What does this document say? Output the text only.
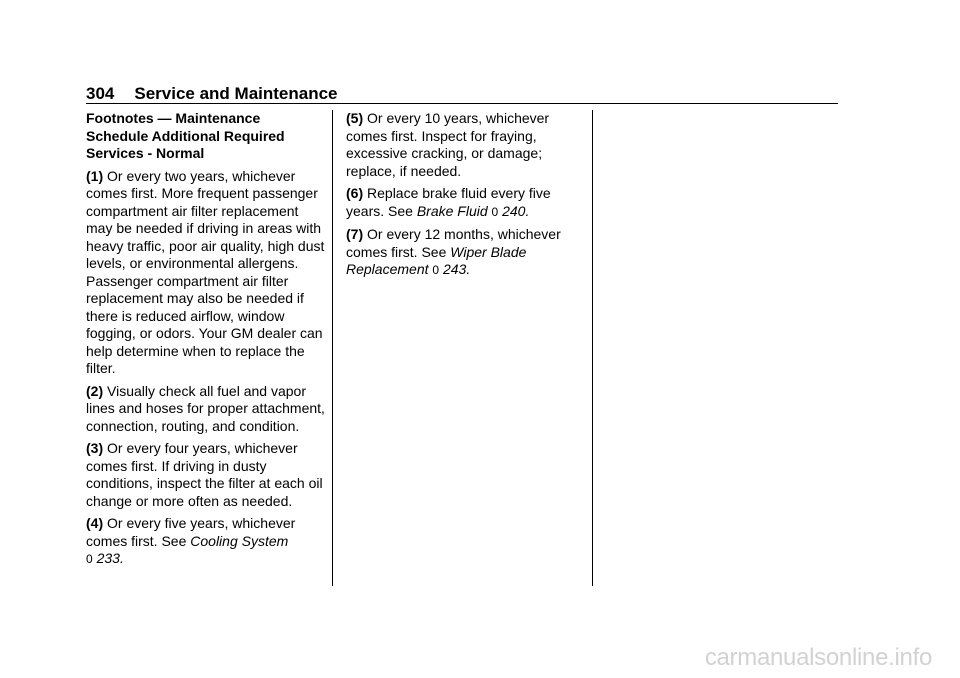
304 Service and Maintenance

Footnotes — Maintenance Schedule Additional Required Services - Normal

(1) Or every two years, whichever comes first. More frequent passenger compartment air filter replacement may be needed if driving in areas with heavy traffic, poor air quality, high dust levels, or environmental allergens. Passenger compartment air filter replacement may also be needed if there is reduced airflow, window fogging, or odors. Your GM dealer can help determine when to replace the filter.

(2) Visually check all fuel and vapor lines and hoses for proper attachment, connection, routing, and condition.

(3) Or every four years, whichever comes first. If driving in dusty conditions, inspect the filter at each oil change or more often as needed.

(4) Or every five years, whichever comes first. See Cooling System
0 233.

(5) Or every 10 years, whichever comes first. Inspect for fraying, excessive cracking, or damage; replace, if needed.

(6) Replace brake fluid every five years. See Brake Fluid 0 240.

(7) Or every 12 months, whichever comes first. See Wiper Blade Replacement 0 243.

carmanualsonline.info
